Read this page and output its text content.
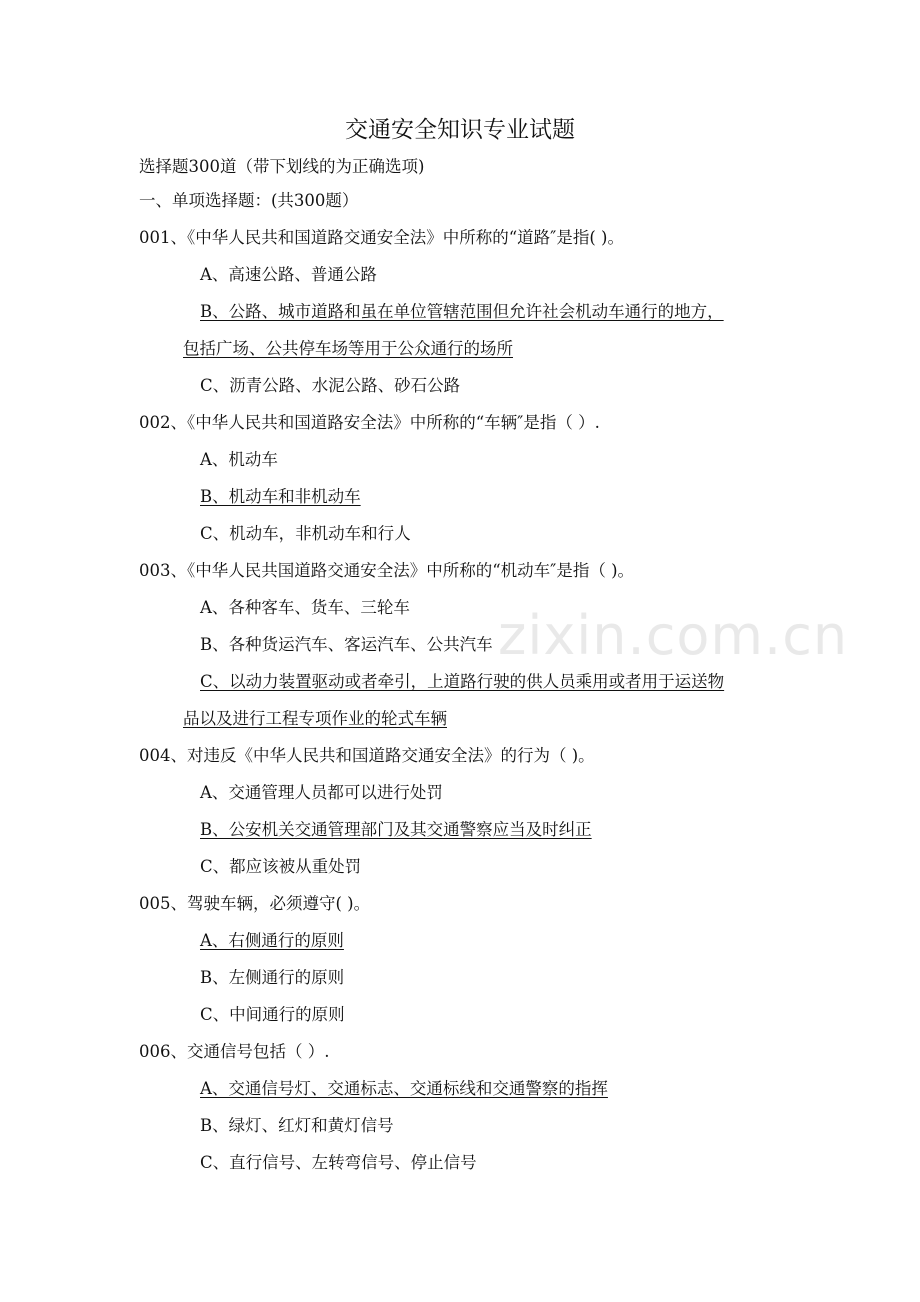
zixin.com.cn
交通安全知识专业试题
选择题300道（带下划线的为正确选项)
一、单项选择题：(共300题）
001、《中华人民共和国道路交通安全法》中所称的“道路″是指( )。
A、高速公路、普通公路
B、公路、城市道路和虽在单位管辖范围但允许社会机动车通行的地方，
包括广场、公共停车场等用于公众通行的场所
C、沥青公路、水泥公路、砂石公路
002、《中华人民共和国道路安全法》中所称的“车辆″是指（ ）.
A、机动车
B、机动车和非机动车
C、机动车，非机动车和行人
003、《中华人民共国道路交通安全法》中所称的“机动车″是指（ )。
A、各种客车、货车、三轮车
B、各种货运汽车、客运汽车、公共汽车
C、以动力装置驱动或者牵引，上道路行驶的供人员乘用或者用于运送物
品以及进行工程专项作业的轮式车辆
004、对违反《中华人民共和国道路交通安全法》的行为（ )。
A、交通管理人员都可以进行处罚
B、公安机关交通管理部门及其交通警察应当及时纠正
C、都应该被从重处罚
005、驾驶车辆，必须遵守( )。
A、右侧通行的原则
B、左侧通行的原则
C、中间通行的原则
006、交通信号包括（ ）.
A、交通信号灯、交通标志、交通标线和交通警察的指挥
B、绿灯、红灯和黄灯信号
C、直行信号、左转弯信号、停止信号
